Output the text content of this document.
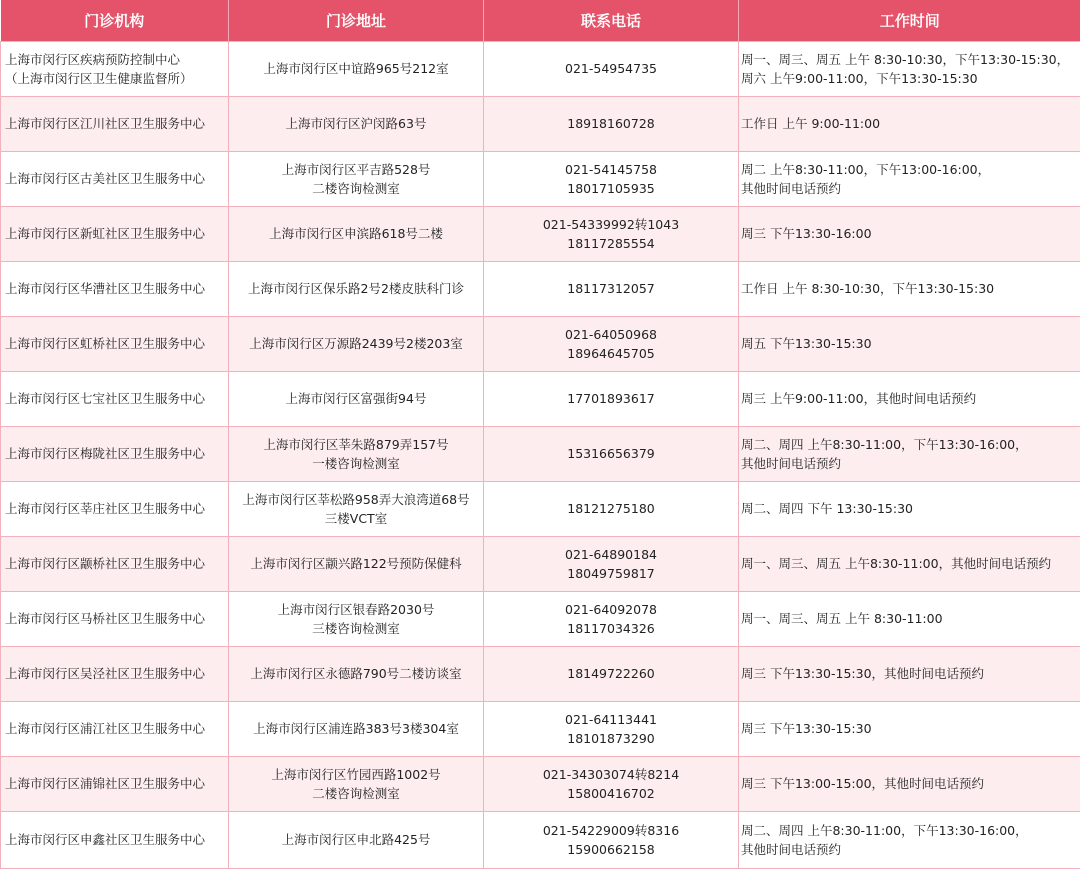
门诊机构	门诊地址	联系电话	工作时间

上海市闵行区疾病预防控制中心
（上海市闵行区卫生健康监督所）	上海市闵行区中谊路965号212室	021-54954735	周一、周三、周五 上午 8:30-10:30，下午13:30-15:30，
周六 上午9:00-11:00，下午13:30-15:30

上海市闵行区江川社区卫生服务中心	上海市闵行区沪闵路63号	18918160728	工作日 上午 9:00-11:00

上海市闵行区古美社区卫生服务中心	上海市闵行区平吉路528号
二楼咨询检测室	021-54145758
18017105935	周二 上午8:30-11:00，下午13:00-16:00，
其他时间电话预约

上海市闵行区新虹社区卫生服务中心	上海市闵行区申滨路618号二楼	021-54339992转1043
18117285554	周三 下午13:30-16:00

上海市闵行区华漕社区卫生服务中心	上海市闵行区保乐路2号2楼皮肤科门诊	18117312057	工作日 上午 8:30-10:30，下午13:30-15:30

上海市闵行区虹桥社区卫生服务中心	上海市闵行区万源路2439号2楼203室	021-64050968
18964645705	周五 下午13:30-15:30

上海市闵行区七宝社区卫生服务中心	上海市闵行区富强街94号	17701893617	周三 上午9:00-11:00，其他时间电话预约

上海市闵行区梅陇社区卫生服务中心	上海市闵行区莘朱路879弄157号
一楼咨询检测室	15316656379	周二、周四 上午8:30-11:00，下午13:30-16:00，
其他时间电话预约

上海市闵行区莘庄社区卫生服务中心	上海市闵行区莘松路958弄大浪湾道68号
三楼VCT室	18121275180	周二、周四 下午 13:30-15:30

上海市闵行区颛桥社区卫生服务中心	上海市闵行区颛兴路122号预防保健科	021-64890184
18049759817	周一、周三、周五 上午8:30-11:00，其他时间电话预约

上海市闵行区马桥社区卫生服务中心	上海市闵行区银春路2030号
三楼咨询检测室	021-64092078
18117034326	周一、周三、周五 上午 8:30-11:00

上海市闵行区吴泾社区卫生服务中心	上海市闵行区永德路790号二楼访谈室	18149722260	周三 下午13:30-15:30，其他时间电话预约

上海市闵行区浦江社区卫生服务中心	上海市闵行区浦连路383号3楼304室	021-64113441
18101873290	周三 下午13:30-15:30

上海市闵行区浦锦社区卫生服务中心	上海市闵行区竹园西路1002号
二楼咨询检测室	021-34303074转8214
15800416702	周三 下午13:00-15:00，其他时间电话预约

上海市闵行区申鑫社区卫生服务中心	上海市闵行区申北路425号	021-54229009转8316
15900662158	周二、周四 上午8:30-11:00，下午13:30-16:00，
其他时间电话预约
